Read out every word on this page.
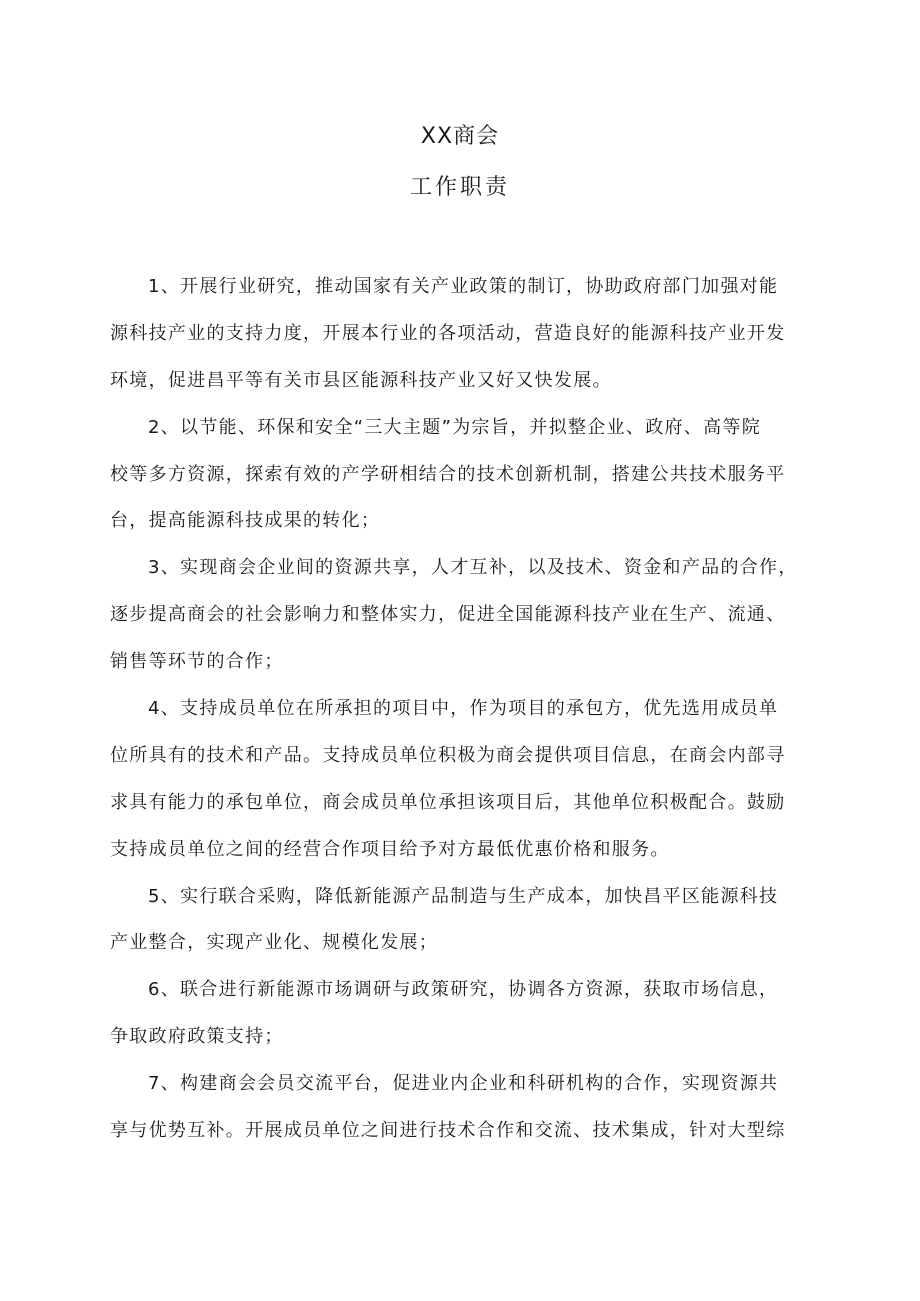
XX商会
工作职责
1、开展行业研究，推动国家有关产业政策的制订，协助政府部门加强对能
源科技产业的支持力度，开展本行业的各项活动，营造良好的能源科技产业开发
环境，促进昌平等有关市县区能源科技产业又好又快发展。
2、以节能、环保和安全“三大主题”为宗旨，并拟整企业、政府、高等院
校等多方资源，探索有效的产学研相结合的技术创新机制，搭建公共技术服务平
台，提高能源科技成果的转化；
3、实现商会企业间的资源共享，人才互补，以及技术、资金和产品的合作，
逐步提高商会的社会影响力和整体实力，促进全国能源科技产业在生产、流通、
销售等环节的合作；
4、支持成员单位在所承担的项目中，作为项目的承包方，优先选用成员单
位所具有的技术和产品。支持成员单位积极为商会提供项目信息，在商会内部寻
求具有能力的承包单位，商会成员单位承担该项目后，其他单位积极配合。鼓励
支持成员单位之间的经营合作项目给予对方最低优惠价格和服务。
5、实行联合采购，降低新能源产品制造与生产成本，加快昌平区能源科技
产业整合，实现产业化、规模化发展；
6、联合进行新能源市场调研与政策研究，协调各方资源，获取市场信息，
争取政府政策支持；
7、构建商会会员交流平台，促进业内企业和科研机构的合作，实现资源共
享与优势互补。开展成员单位之间进行技术合作和交流、技术集成，针对大型综
